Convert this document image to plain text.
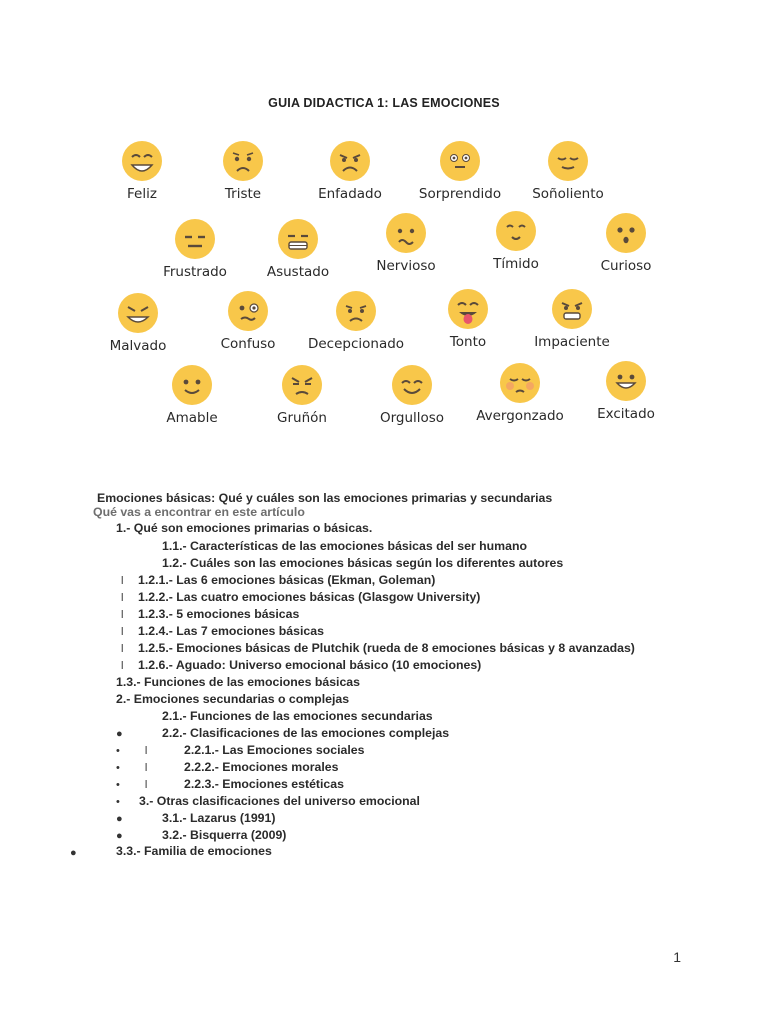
GUIA DIDACTICA 1: LAS EMOCIONES
Feliz	Triste	Enfadado	Sorprendido	Soñoliento
Frustrado	Asustado	Nervioso	Tímido	Curioso
Malvado	Confuso	Decepcionado	Tonto	Impaciente
Amable	Gruñón	Orgulloso	Avergonzado	Excitado
Emociones básicas: Qué y cuáles son las emociones primarias y secundarias
Qué vas a encontrar en este artículo
1.- Qué son emociones primarias o básicas.
1.1.- Características de las emociones básicas del ser humano
1.2.- Cuáles son las emociones básicas según los diferentes autores
l 1.2.1.- Las 6 emociones básicas (Ekman, Goleman)
l 1.2.2.- Las cuatro emociones básicas (Glasgow University)
l 1.2.3.- 5 emociones básicas
l 1.2.4.- Las 7 emociones básicas
l 1.2.5.- Emociones básicas de Plutchik (rueda de 8 emociones básicas y 8 avanzadas)
l 1.2.6.- Aguado: Universo emocional básico (10 emociones)
1.3.- Funciones de las emociones básicas
2.- Emociones secundarias o complejas
2.1.- Funciones de las emociones secundarias
●	2.2.- Clasificaciones de las emociones complejas
• l	2.2.1.- Las Emociones sociales
• l	2.2.2.- Emociones morales
• l	2.2.3.- Emociones estéticas
• 3.- Otras clasificaciones del universo emocional
●	3.1.- Lazarus (1991)
●	3.2.- Bisquerra (2009)
●	3.3.- Familia de emociones
1
